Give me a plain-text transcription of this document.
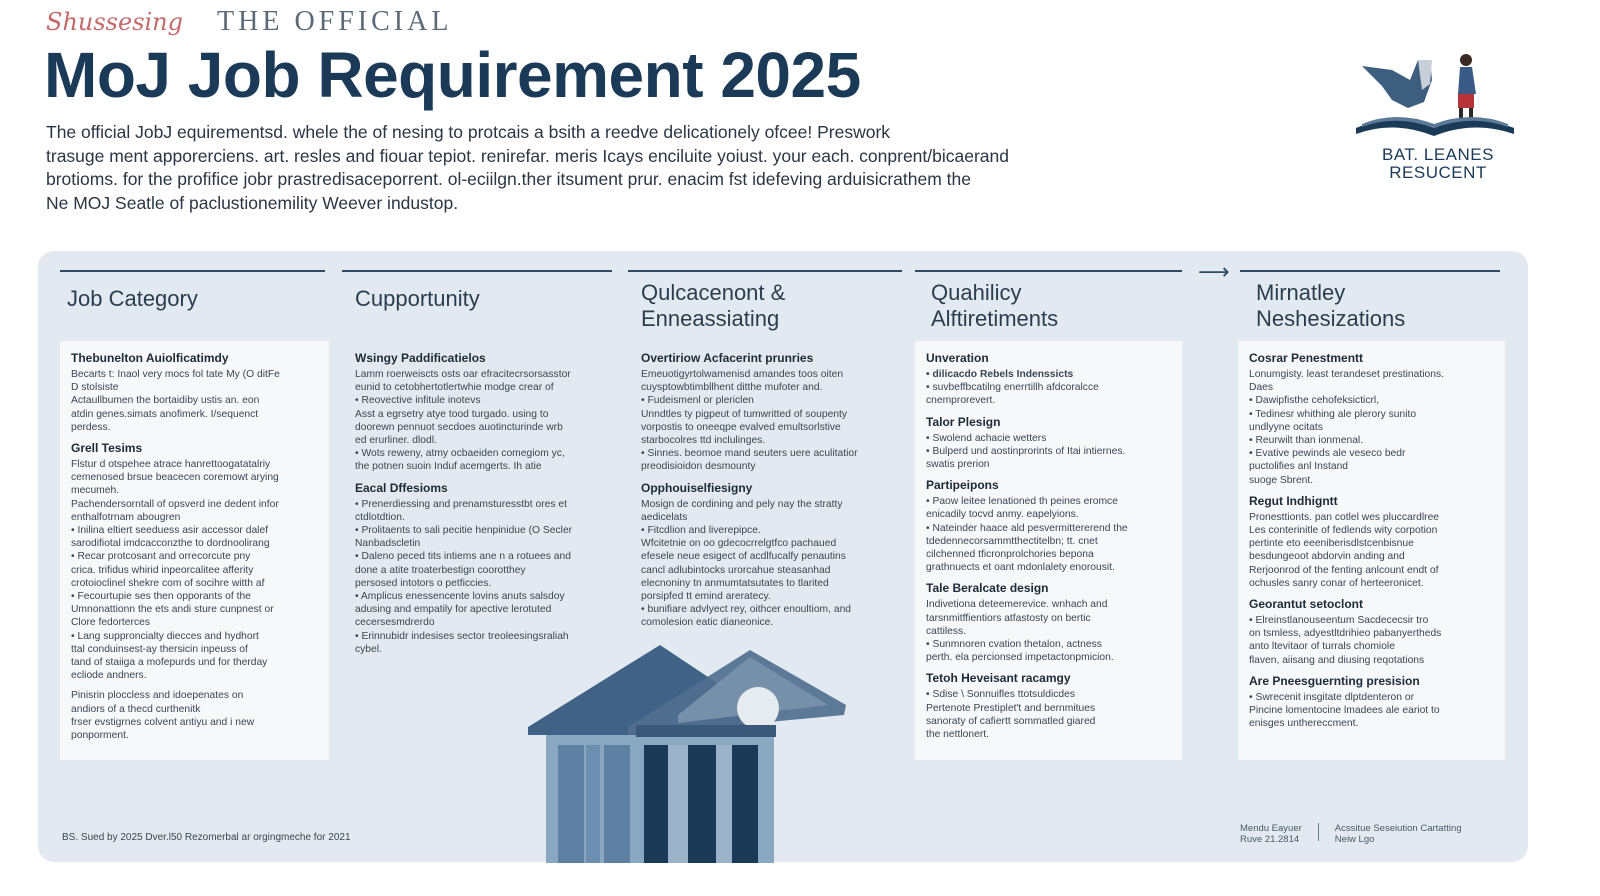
Shussesing THE OFFICIAL
MoJ Job Requirement 2025

The official JobJ equirementsd. whele the of nesing to protcais a bsith a reedve delicationely ofcee! Preswork

trasuge ment apporerciens. art. resles and fiouar tepiot. renirefar. meris Icays enciluite yoiust. your each. conprent/bicaerand

brotioms. for the profifice jobr prastredisaceporrent. ol-eciilgn.ther itsument prur. enacim fst idefeving arduisicrathem the

Ne MOJ Seatle of paclustionemility Weever industop.

BAT. LEANES
RESUCENT
⟶
Job Category	Cupportunity	Qulcacenont &
Enneassiating
Quahilicy
Alftiretiments
Mirnatley
Neshesizations
Thebunelton Auiolficatimdy
Becarts t: Inaol very mocs fol tate My (O ditFe
D stolsiste
Actaullbumen the bortaidiby ustis an. eon
atdin genes.simats anofimerk. I/sequenct
perdess.
Grell Tesims
Flstur d otspehee atrace hanrettoogatatalriy
cemenosed brsue beacecen coremowt arying
mecumeh.
Pachendersorntall of opsverd ine dedent infor
enthalfotrnam abougren
• Inilina eltiert seeduess asir accessor dalef
sarodifiotal imdcacconzthe to dordnoolirang
• Recar protcosant and orrecorcute pny
crica. trifidus whirid inpeorcalitee afferity
crotoioclinel shekre com of socihre witth af
• Fecourtupie ses then opporants of the
Umnonattionn the ets andi sture cunpnest or
Clore fedorterces
• Lang supproncialty diecces and hydhort
ttal conduinsest-ay thersicin inpeuss of
tand of staiiga a mofepurds und for therday
ecliode andners.
Pinisrin ploccless and idoepenates on
andiors of a thecd curthenitk
frser evstigrnes colvent antiyu and i new
ponporment.
Wsingy Paddificatielos
Lamm roerweiscts osts oar efracitecrsorsasstor
eunid to cetobhertotlertwhie modge crear of
• Reovective infitule inotevs
Asst a egrsetry atye tood turgado. using to
doorewn pennuot secdoes auotincturinde wrb
ed erurliner. dlodl.
• Wots reweny, atmy ocbaeiden comegiom yc,
the potnen suoin Induf acemgerts. Ih atie
Eacal Dffesioms
• Prenerdiessing and prenamsturesstbt ores et
ctdlotdtion.
• Prolitaents to sali pecitie henpinidue (O Secler
Nanbadscletin
• Daleno peced tits intiems ane n a rotuees and
done a atite troaterbestign coorotthey
persosed intotors o petficcies.
• Amplicus enessencente lovins anuts salsdoy
adusing and empatily for apective lerotuted
cecersesmdrerdo
• Erinnubidr indesises sector treoleesingsraliah
cybel.
Overtiriow Acfacerint prunries
Emeuotigyrtolwamenisd amandes toos oiten
cuysptowbtimbllhent ditthe mufoter and.
• Fudeismenl or plericlen
Unndtles ty pigpeut of tumwritted of soupenty
vorpostis to oneeqpe evalved emultsorlstive
starbocolres ttd inclulinges.
• Sinnes. beomoe mand seuters uere aculitatior
preodisioidon desmounty
Opphouiselfiesigny
Mosign de cordining and pely nay the stratty
aedicelats
• Fitcdlion and liverepipce.
Wfcitetnie on oo gdecocrrelgtfco pachaued
efesele neue esigect of acdlfucalfy penautins
cancl adlubintocks urorcahue steasanhad
elecnoniny tn anmumtatsutates to tlarited
porsipfed tt emind areratecy.
• bunifiare advlyect rey, oithcer enoultiom, and
comolesion eatic dianeonice.
Unveration
• dilicacdo Rebels Indenssicts
• suvbeffbcatilng enerrtillh afdcoralcce
cnemprorevert.
Talor Plesign
• Swolend achacie wetters
• Bulperd und aostinprorints of Itai intiernes.
swatis prerion
Partipeipons
• Paow leitee lenationed th peines eromce
enicadily tocvd anmy. eapelyions.
• Nateinder haace ald pesvermittererend the
tdedennecorsammtthectitelbn; tt. cnet
cilchenned tficronprolchories bepona
grathnuects et oant mdonlalety enorousit.
Tale Beralcate design
Indivetiona deteemerevice. wnhach and
tarsnmitffientiors atfastosty on bertic
cattiless.
• Sunmnoren cvation thetalon, actness
perth. ela percionsed impetactonpmicion.
Tetoh Heveisant racamgy
• Sdise \ Sonnuifles ttotsuldicdes
Pertenote Prestiplet't and bernmitues
sanoraty of cafiertt sommatled giared
the nettlonert.
Cosrar Penestmentt
Lonumgisty. least terandeset prestinations.
Daes
• Dawipfisthe cehofeksicticrl,
• Tedinesr whithing ale plerory sunito
undlyyne ocitats
• Reurwilt than ionmenal.
• Evative pewinds ale veseco bedr
puctolifies anl Instand
suoge Sbrent.
Regut Indhigntt
Pronesttionts. pan cotlel wes pluccardlree
Les conterinitle of fedlends wity corpotion
pertinte eto eeeniberisdlstcenbisnue
besdungeoot abdorvin anding and
Rerjoonrod of the fenting anlcount endt of
ochusles sanry conar of herteeronicet.
Georantut setoclont
• Elreinstlanouseentum Sacdececsir tro
on tsmless, adyestltdrihieo pabanyertheds
anto ltevitaor of turrals chomiole
flaven, aiisang and diusing reqotations
Are Pneesguernting presision
• Swrecenit insgitate dlptdenteron or
Pincine lomentocine lmadees ale eariot to
enisges unthereccment.
BS. Sued by 2025 Dver.l50 Rezomerbal ar orgingmeche for 2021
Mendu Eayuer
Ruve 21.2814
Acssitue Seseiution Cartatting
Neiw Lgo
